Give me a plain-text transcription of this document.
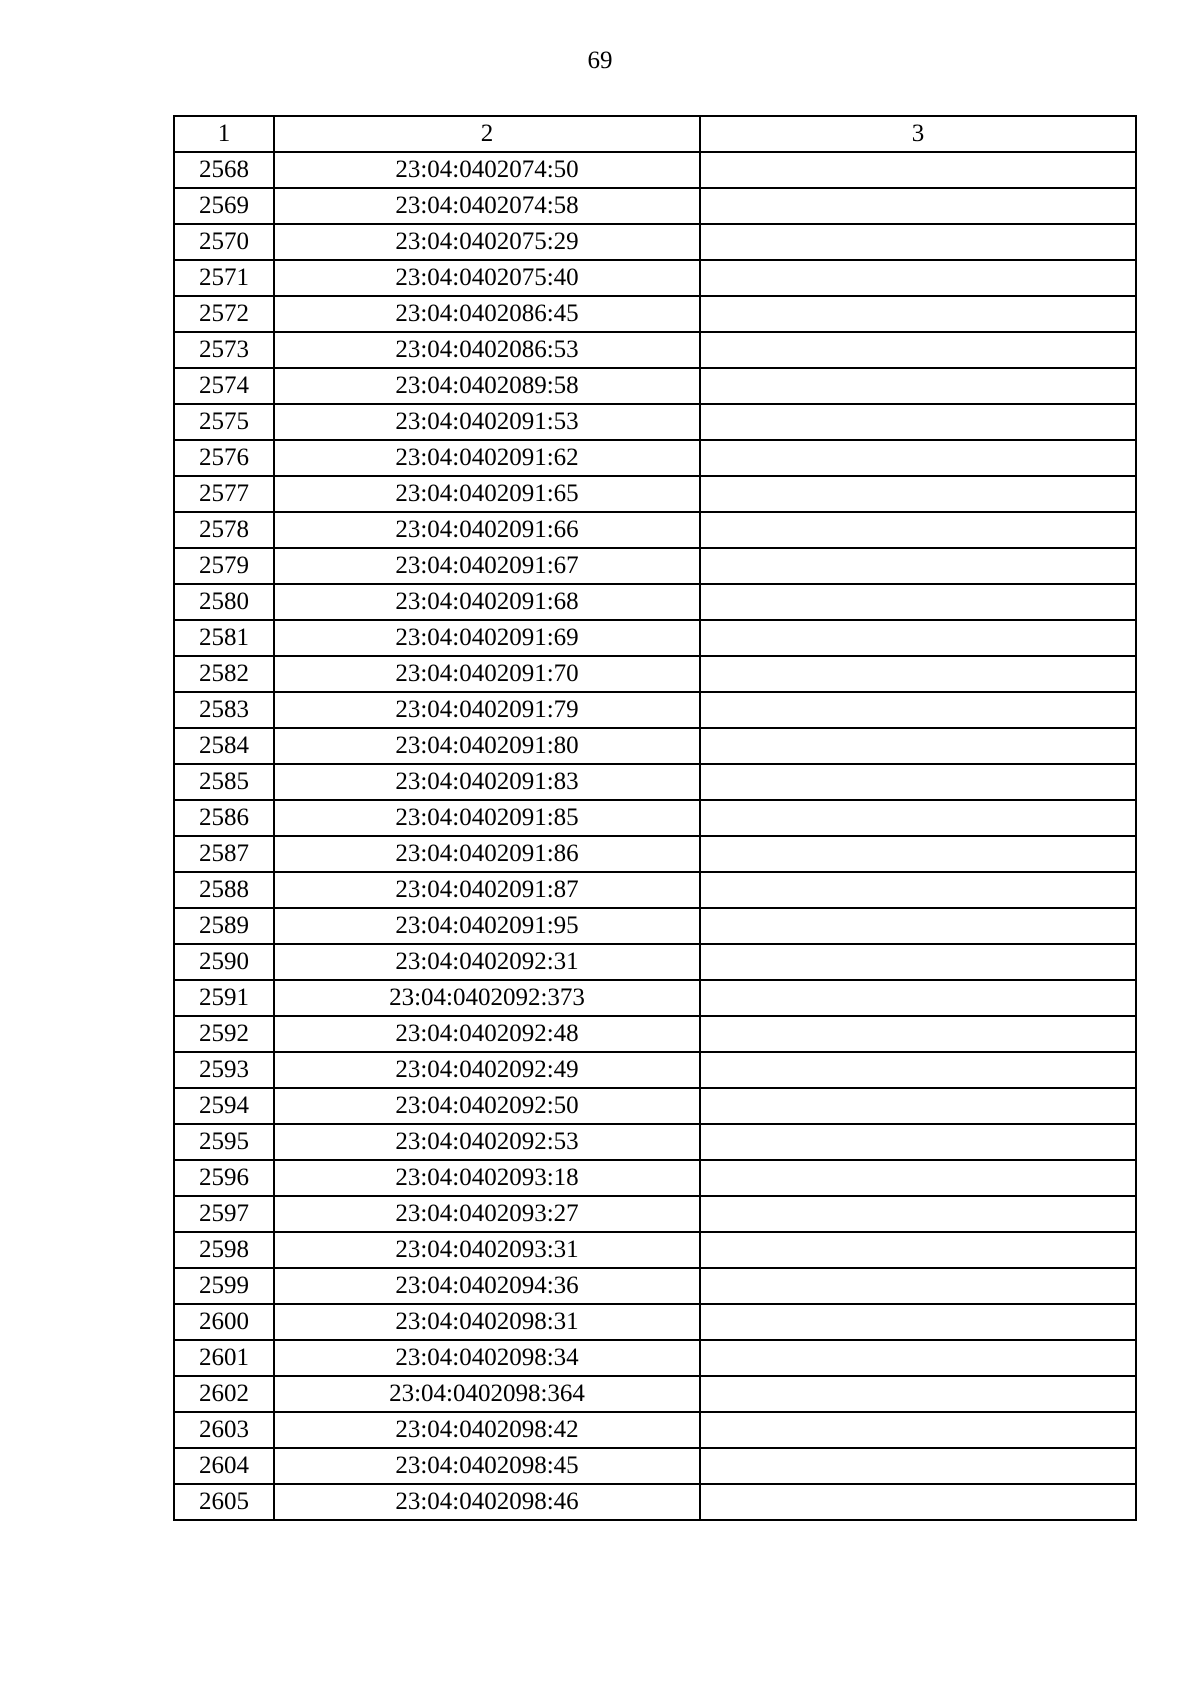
69
1	2	3
2568	23:04:0402074:50	
2569	23:04:0402074:58	
2570	23:04:0402075:29	
2571	23:04:0402075:40	
2572	23:04:0402086:45	
2573	23:04:0402086:53	
2574	23:04:0402089:58	
2575	23:04:0402091:53	
2576	23:04:0402091:62	
2577	23:04:0402091:65	
2578	23:04:0402091:66	
2579	23:04:0402091:67	
2580	23:04:0402091:68	
2581	23:04:0402091:69	
2582	23:04:0402091:70	
2583	23:04:0402091:79	
2584	23:04:0402091:80	
2585	23:04:0402091:83	
2586	23:04:0402091:85	
2587	23:04:0402091:86	
2588	23:04:0402091:87	
2589	23:04:0402091:95	
2590	23:04:0402092:31	
2591	23:04:0402092:373	
2592	23:04:0402092:48	
2593	23:04:0402092:49	
2594	23:04:0402092:50	
2595	23:04:0402092:53	
2596	23:04:0402093:18	
2597	23:04:0402093:27	
2598	23:04:0402093:31	
2599	23:04:0402094:36	
2600	23:04:0402098:31	
2601	23:04:0402098:34	
2602	23:04:0402098:364	
2603	23:04:0402098:42	
2604	23:04:0402098:45	
2605	23:04:0402098:46	
